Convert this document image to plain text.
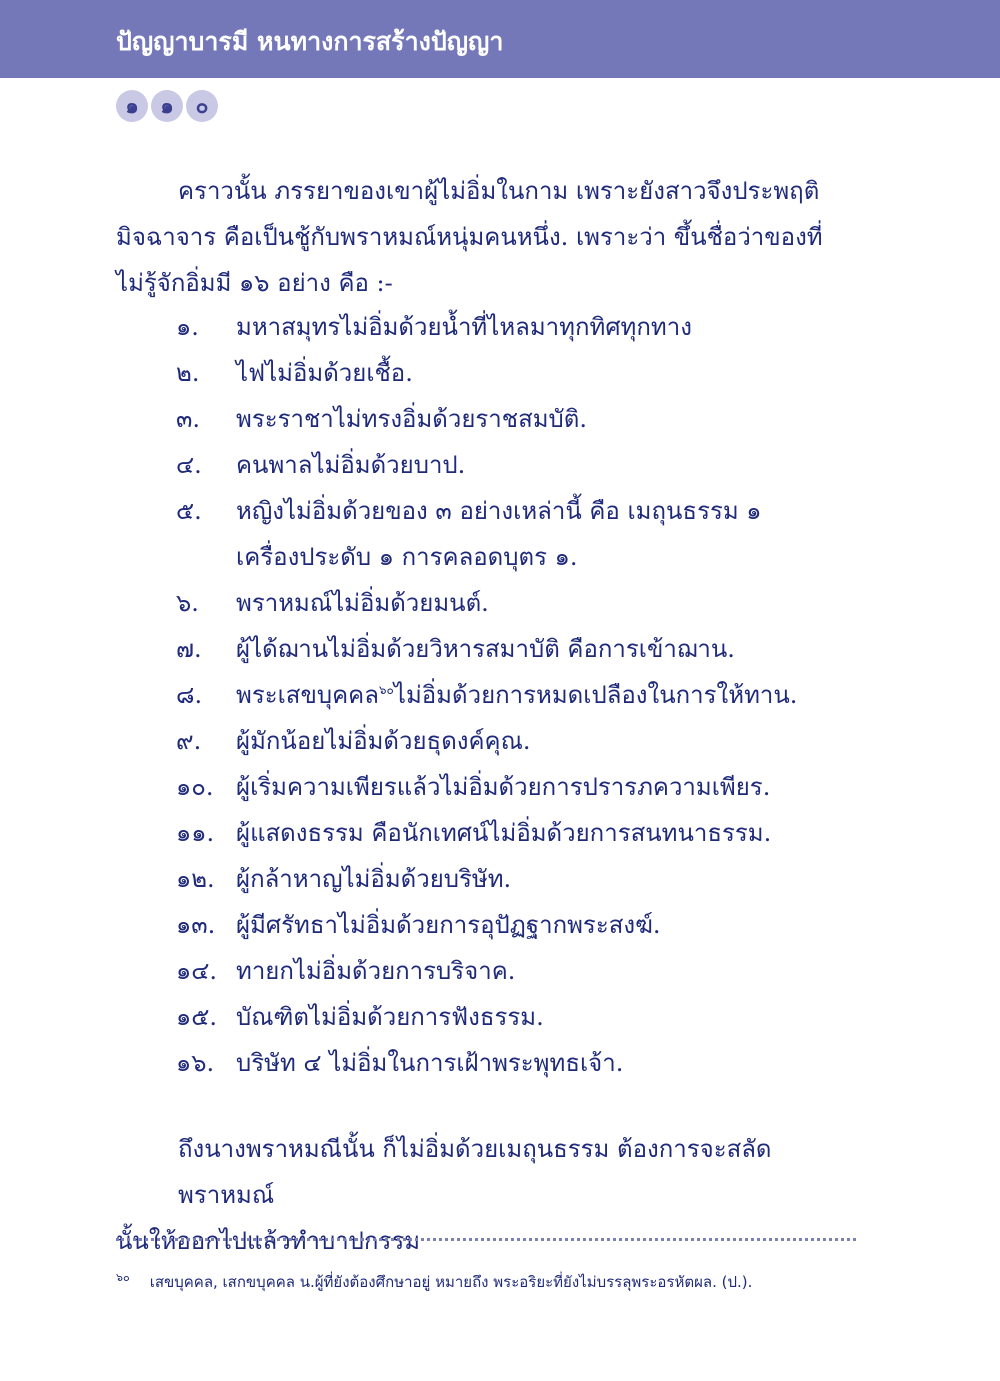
ปัญญาบารมี หนทางการสร้างปัญญา
๑	๑	๐

คราวนั้น ภรรยาของเขาผู้ไม่อิ่มในกาม เพราะยังสาวจึงประพฤติ
มิจฉาจาร คือเป็นชู้กับพราหมณ์หนุ่มคนหนึ่ง. เพราะว่า ขึ้นชื่อว่าของที่
ไม่รู้จักอิ่มมี ๑๖ อย่าง คือ :-

๑.	มหาสมุทรไม่อิ่มด้วยน้ำที่ไหลมาทุกทิศทุกทาง
๒.	ไฟไม่อิ่มด้วยเชื้อ.
๓.	พระราชาไม่ทรงอิ่มด้วยราชสมบัติ.
๔.	คนพาลไม่อิ่มด้วยบาป.
๕.	หญิงไม่อิ่มด้วยของ ๓ อย่างเหล่านี้ คือ เมถุนธรรม ๑
เครื่องประดับ ๑ การคลอดบุตร ๑.
๖.	พราหมณ์ไม่อิ่มด้วยมนต์.
๗.	ผู้ได้ฌานไม่อิ่มด้วยวิหารสมาบัติ คือการเข้าฌาน.
๘.	พระเสขบุคคล$^{๖๐}$ไม่อิ่มด้วยการหมดเปลืองในการให้ทาน.
๙.	ผู้มักน้อยไม่อิ่มด้วยธุดงค์คุณ.
๑๐. ผู้เริ่มความเพียรแล้วไม่อิ่มด้วยการปรารภความเพียร.
๑๑. ผู้แสดงธรรม คือนักเทศน์ไม่อิ่มด้วยการสนทนาธรรม.
๑๒. ผู้กล้าหาญไม่อิ่มด้วยบริษัท.
๑๓. ผู้มีศรัทธาไม่อิ่มด้วยการอุปัฏฐากพระสงฆ์.
๑๔. ทายกไม่อิ่มด้วยการบริจาค.
๑๕. บัณฑิตไม่อิ่มด้วยการฟังธรรม.
๑๖. บริษัท ๔ ไม่อิ่มในการเฝ้าพระพุทธเจ้า.

ถึงนางพราหมณีนั้น ก็ไม่อิ่มด้วยเมถุนธรรม ต้องการจะสลัดพราหมณ์
นั้นให้ออกไปแล้วทำบาปกรรม

$^{๖๐}$ เสขบุคคล, เสกขบุคคล น.ผู้ที่ยังต้องศึกษาอยู่ หมายถึง พระอริยะที่ยังไม่บรรลุพระอรหัตผล. (ป.).
